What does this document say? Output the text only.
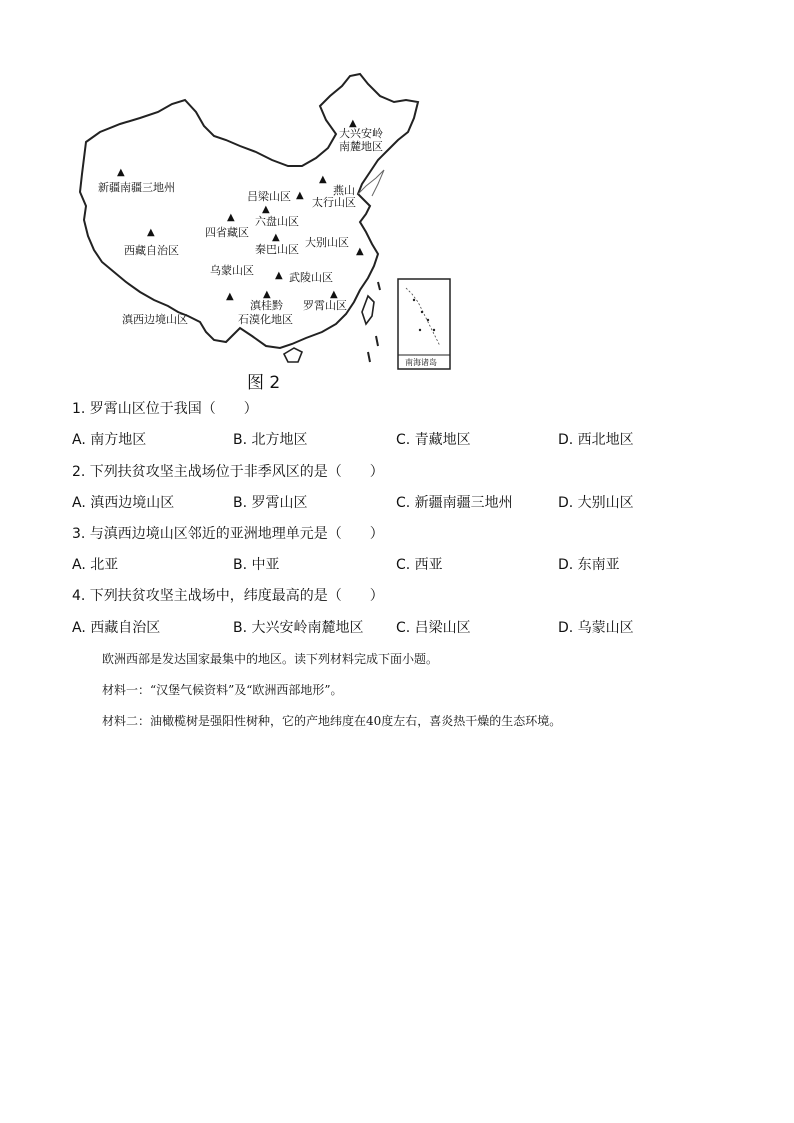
▲
▲
▲
▲
▲
▲
▲
▲
▲
▲
▲	▲	▲
大兴安岭
南麓地区
新疆南疆三地州	燕山
吕梁山区 太行山区
六盘山区
四省藏区
秦巴山区
大别山区
西藏自治区
乌蒙山区
武陵山区
滇桂黔
石漠化地区
罗霄山区
滇西边境山区
南海诸岛
图 2
1. 罗霄山区位于我国（　　）
A. 南方地区	B. 北方地区	C. 青藏地区	D. 西北地区
2. 下列扶贫攻坚主战场位于非季风区的是（　　）
A. 滇西边境山区	B. 罗霄山区	C. 新疆南疆三地州	D. 大别山区
3. 与滇西边境山区邻近的亚洲地理单元是（　　）
A. 北亚	B. 中亚	C. 西亚	D. 东南亚
4. 下列扶贫攻坚主战场中，纬度最高的是（　　）
A. 西藏自治区	B. 大兴安岭南麓地区 C. 吕梁山区	D. 乌蒙山区
欧洲西部是发达国家最集中的地区。读下列材料完成下面小题。
材料一：“汉堡气候资料”及“欧洲西部地形”。
材料二：油橄榄树是强阳性树种，它的产地纬度在40度左右，喜炎热干燥的生态环境。
